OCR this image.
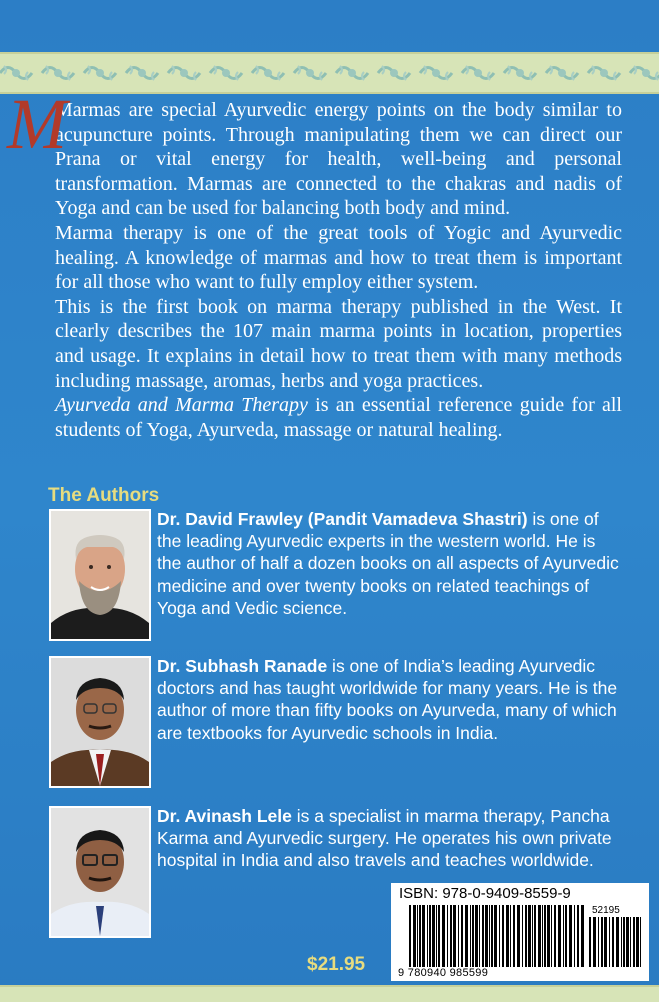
M

Marmas are special Ayurvedic energy points on the body similar to acupuncture points. Through manipulating them we can direct our Prana or vital energy for health, well-being and personal transformation. Marmas are connected to the chakras and nadis of Yoga and can be used for balancing both body and mind.

Marma therapy is one of the great tools of Yogic and Ayurvedic healing. A knowledge of marmas and how to treat them is important for all those who want to fully employ either system.

This is the first book on marma therapy published in the West. It clearly describes the 107 main marma points in location, properties and usage. It explains in detail how to treat them with many methods including massage, aromas, herbs and yoga practices.

Ayurveda and Marma Therapy is an essential reference guide for all students of Yoga, Ayurveda, massage or natural healing.

The Authors
Dr. David Frawley (Pandit Vamadeva Shastri) is one of the leading Ayurvedic experts in the western world. He is the author of half a dozen books on all aspects of Ayurvedic medicine and over twenty books on related teachings of Yoga and Vedic science.
Dr. Subhash Ranade is one of India’s leading Ayurvedic doctors and has taught worldwide for many years. He is the author of more than fifty books on Ayurveda, many of which are textbooks for Ayurvedic schools in India.
Dr. Avinash Lele is a specialist in marma therapy, Pancha Karma and Ayurvedic surgery. He operates his own private hospital in India and also travels and teaches worldwide.
$21.95
ISBN: 978-0-9409-8559-9
52195
9 780940 985599
